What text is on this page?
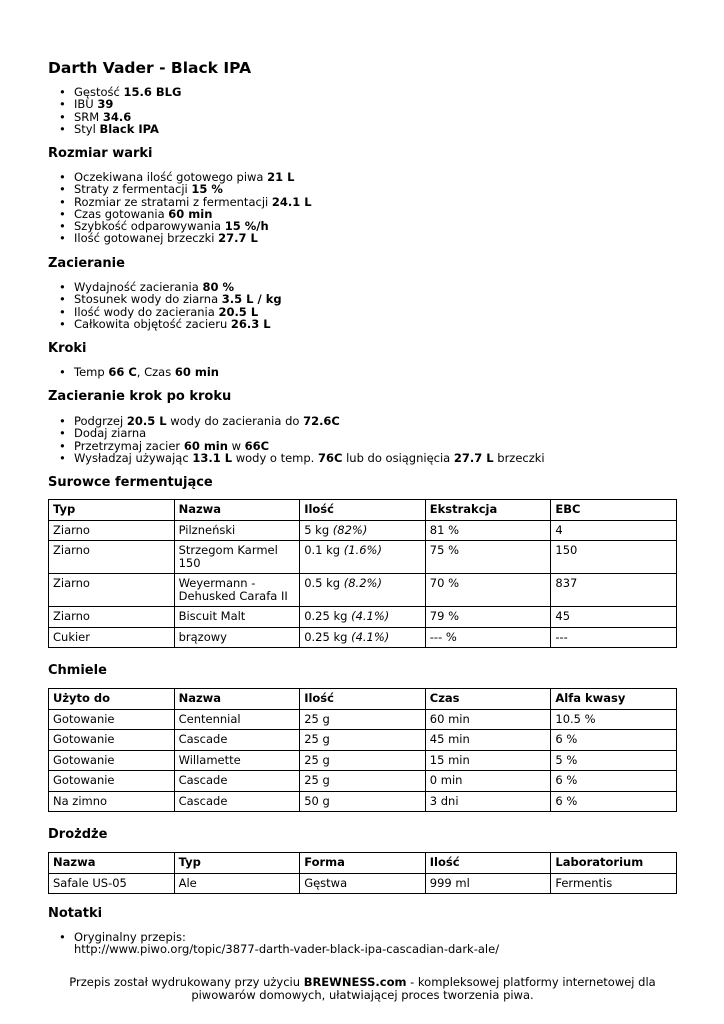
Darth Vader - Black IPA
• Gęstość 15.6 BLG
• IBU 39
• SRM 34.6
• Styl Black IPA
Rozmiar warki
• Oczekiwana ilość gotowego piwa 21 L
• Straty z fermentacji 15 %
• Rozmiar ze stratami z fermentacji 24.1 L
• Czas gotowania 60 min
• Szybkość odparowywania 15 %/h
• Ilość gotowanej brzeczki 27.7 L
Zacieranie
• Wydajność zacierania 80 %
• Stosunek wody do ziarna 3.5 L / kg
• Ilość wody do zacierania 20.5 L
• Całkowita objętość zacieru 26.3 L
Kroki
• Temp 66 C, Czas 60 min
Zacieranie krok po kroku
• Podgrzej 20.5 L wody do zacierania do 72.6C
• Dodaj ziarna
• Przetrzymaj zacier 60 min w 66C
• Wysładzaj używając 13.1 L wody o temp. 76C lub do osiągnięcia 27.7 L brzeczki
Surowce fermentujące
Typ	Nazwa	Ilość	Ekstrakcja	EBC
Ziarno	Pilzneński	5 kg (82%)	81 %	4
Ziarno	Strzegom Karmel 150	0.1 kg (1.6%)	75 %	150
Ziarno	Weyermann - Dehusked Carafa II	0.5 kg (8.2%)	70 %	837
Ziarno	Biscuit Malt	0.25 kg (4.1%)	79 %	45
Cukier	brązowy	0.25 kg (4.1%)	--- %	---
Chmiele
Użyto do	Nazwa	Ilość	Czas	Alfa kwasy
Gotowanie	Centennial	25 g	60 min	10.5 %
Gotowanie	Cascade	25 g	45 min	6 %
Gotowanie	Willamette	25 g	15 min	5 %
Gotowanie	Cascade	25 g	0 min	6 %
Na zimno	Cascade	50 g	3 dni	6 %
Drożdże
Nazwa	Typ	Forma	Ilość	Laboratorium
Safale US-05	Ale	Gęstwa	999 ml	Fermentis
Notatki
• Oryginalny przepis:
http://www.piwo.org/topic/3877-darth-vader-black-ipa-cascadian-dark-ale/
Przepis został wydrukowany przy użyciu BREWNESS.com - kompleksowej platformy internetowej dla piwowarów domowych, ułatwiającej proces tworzenia piwa.
